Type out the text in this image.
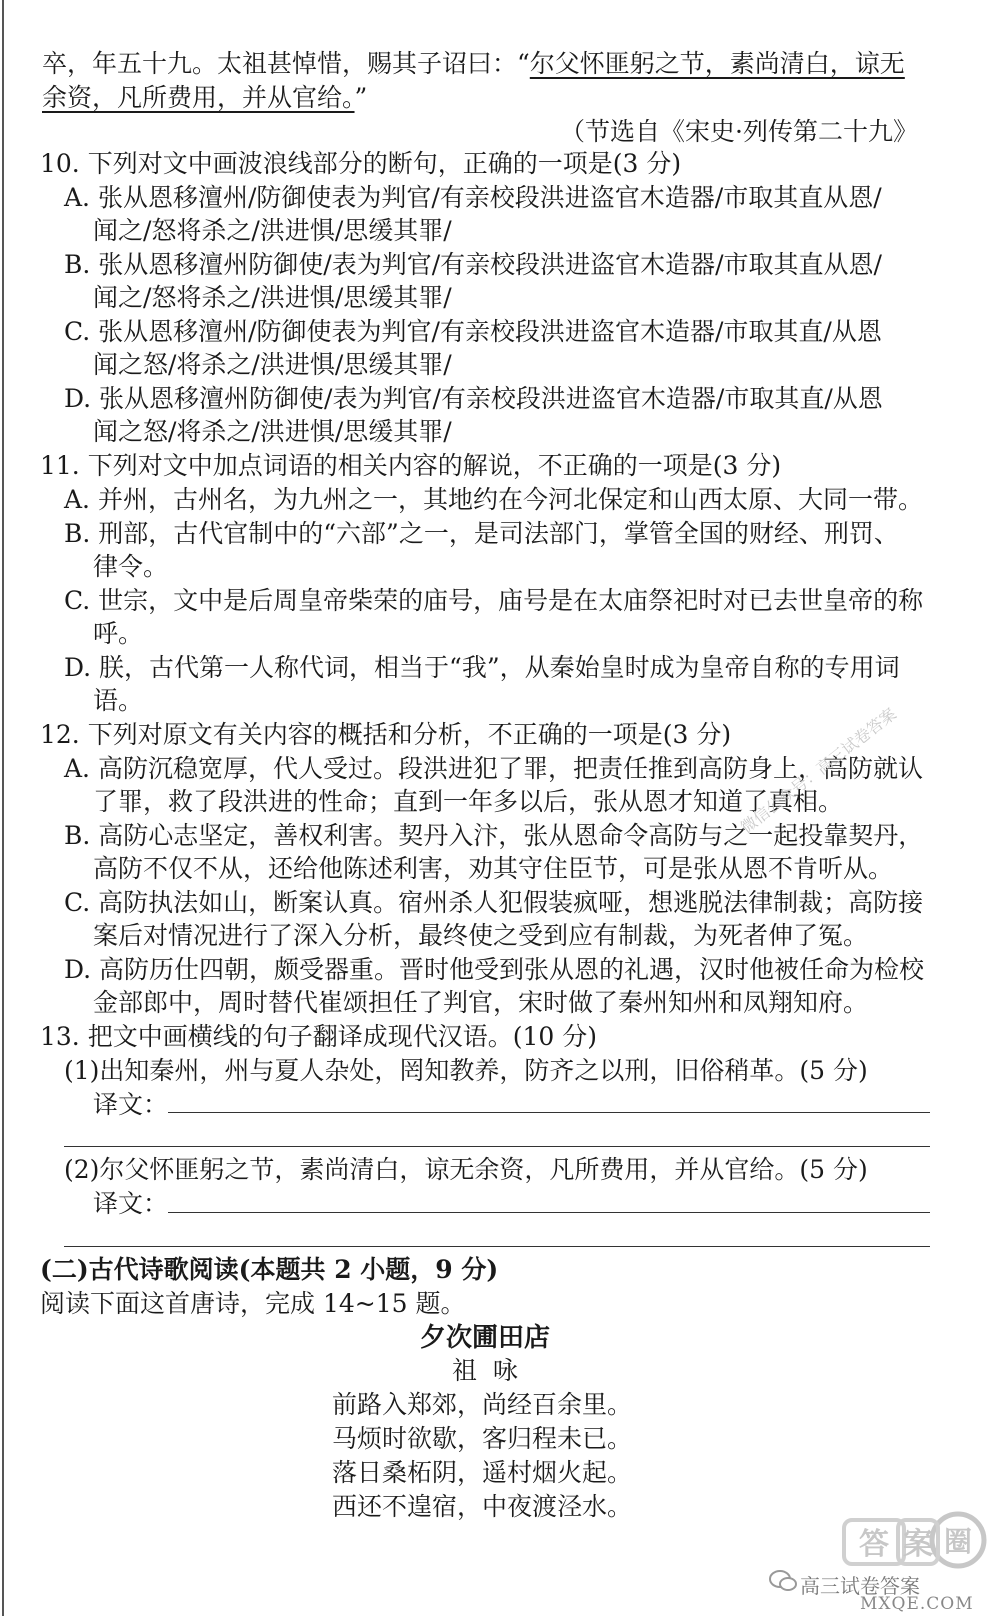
卒，年五十九。太祖甚悼惜，赐其子诏曰：“尔父怀匪躬之节，素尚清白，谅无
余资，凡所费用，并从官给。”
（节选自《宋史·列传第二十九》
10. 下列对文中画波浪线部分的断句，正确的一项是(3 分)
A. 张从恩移澶州/防御使表为判官/有亲校段洪进盗官木造器/市取其直从恩/
闻之/怒将杀之/洪进惧/思缓其罪/
B. 张从恩移澶州防御使/表为判官/有亲校段洪进盗官木造器/市取其直从恩/
闻之/怒将杀之/洪进惧/思缓其罪/
C. 张从恩移澶州/防御使表为判官/有亲校段洪进盗官木造器/市取其直/从恩
闻之怒/将杀之/洪进惧/思缓其罪/
D. 张从恩移澶州防御使/表为判官/有亲校段洪进盗官木造器/市取其直/从恩
闻之怒/将杀之/洪进惧/思缓其罪/
11. 下列对文中加点词语的相关内容的解说，不正确的一项是(3 分)
A. 并州，古州名，为九州之一，其地约在今河北保定和山西太原、大同一带。
B. 刑部，古代官制中的“六部”之一，是司法部门，掌管全国的财经、刑罚、
律令。
C. 世宗，文中是后周皇帝柴荣的庙号，庙号是在太庙祭祀时对已去世皇帝的称
呼。
D. 朕，古代第一人称代词，相当于“我”，从秦始皇时成为皇帝自称的专用词
语。
12. 下列对原文有关内容的概括和分析，不正确的一项是(3 分)
A. 高防沉稳宽厚，代人受过。段洪进犯了罪，把责任推到高防身上，高防就认
了罪，救了段洪进的性命；直到一年多以后，张从恩才知道了真相。
B. 高防心志坚定，善权利害。契丹入汴，张从恩命令高防与之一起投靠契丹，
高防不仅不从，还给他陈述利害，劝其守住臣节，可是张从恩不肯听从。
C. 高防执法如山，断案认真。宿州杀人犯假装疯哑，想逃脱法律制裁；高防接
案后对情况进行了深入分析，最终使之受到应有制裁，为死者伸了冤。
D. 高防历仕四朝，颇受器重。晋时他受到张从恩的礼遇，汉时他被任命为检校
金部郎中，周时替代崔颂担任了判官，宋时做了秦州知州和凤翔知府。
13. 把文中画横线的句子翻译成现代汉语。(10 分)
(1)出知秦州，州与夏人杂处，罔知教养，防齐之以刑，旧俗稍革。(5 分)
译文：
(2)尔父怀匪躬之节，素尚清白，谅无余资，凡所费用，并从官给。(5 分)
译文：
(二)古代诗歌阅读(本题共 2 小题，9 分)
阅读下面这首唐诗，完成 14~15 题。
夕次圃田店
祖  咏
前路入郑郊，尚经百余里。
马烦时欲歇，客归程未已。
落日桑柘阴，遥村烟火起。
西还不遑宿，中夜渡泾水。
微信公众号：高三试卷答案
答 案 圈
高三试卷答案
MXQE.COM
